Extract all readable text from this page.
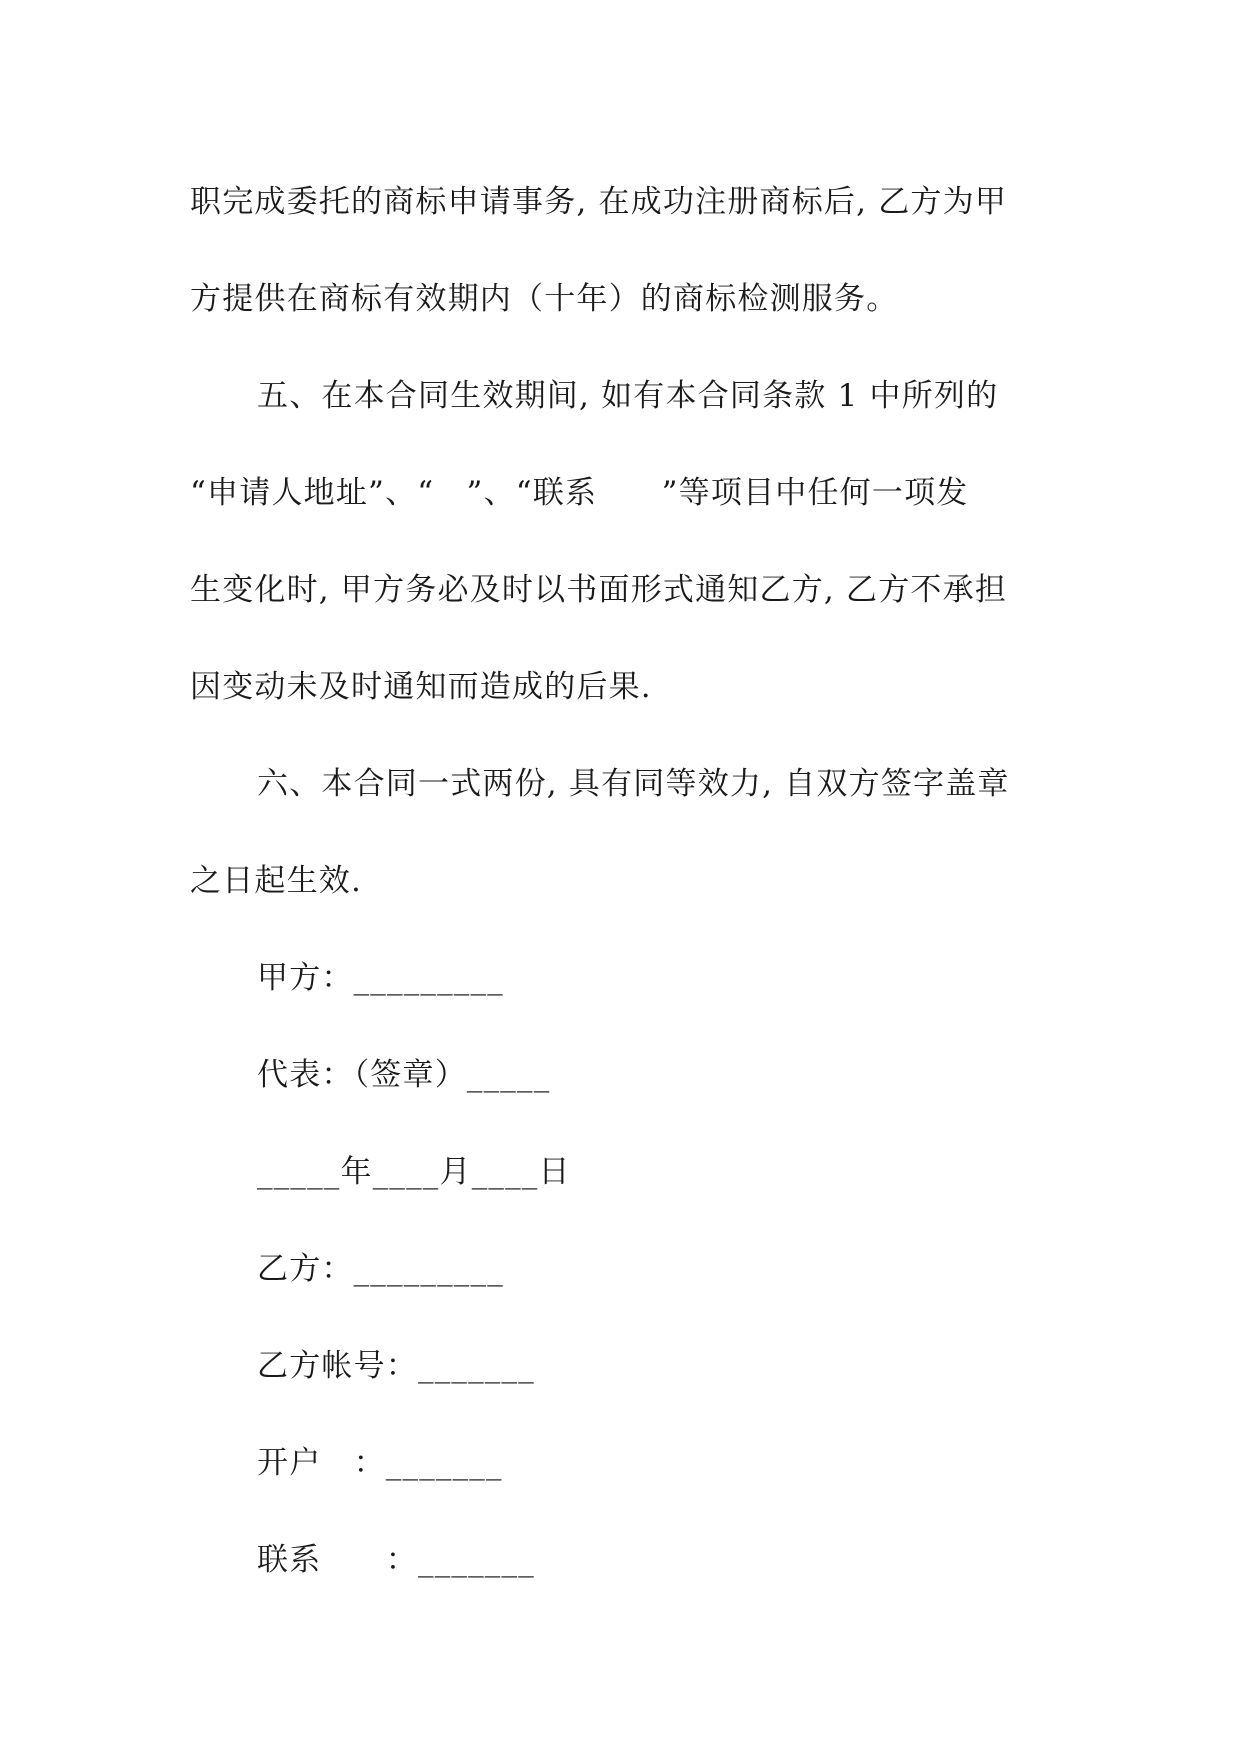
职完成委托的商标申请事务, 在成功注册商标后, 乙方为甲
方提供在商标有效期内（十年）的商标检测服务。
五、在本合同生效期间, 如有本合同条款 1 中所列的
“申请人地址”、“　”、“联系　　”等项目中任何一项发
生变化时, 甲方务必及时以书面形式通知乙方, 乙方不承担
因变动未及时通知而造成的后果.
六、本合同一式两份, 具有同等效力, 自双方签字盖章
之日起生效.
甲方：_________
代表：（签章）_____
_____年____月____日
乙方：_________
乙方帐号：_______
开户　：_______
联系　　：_______
